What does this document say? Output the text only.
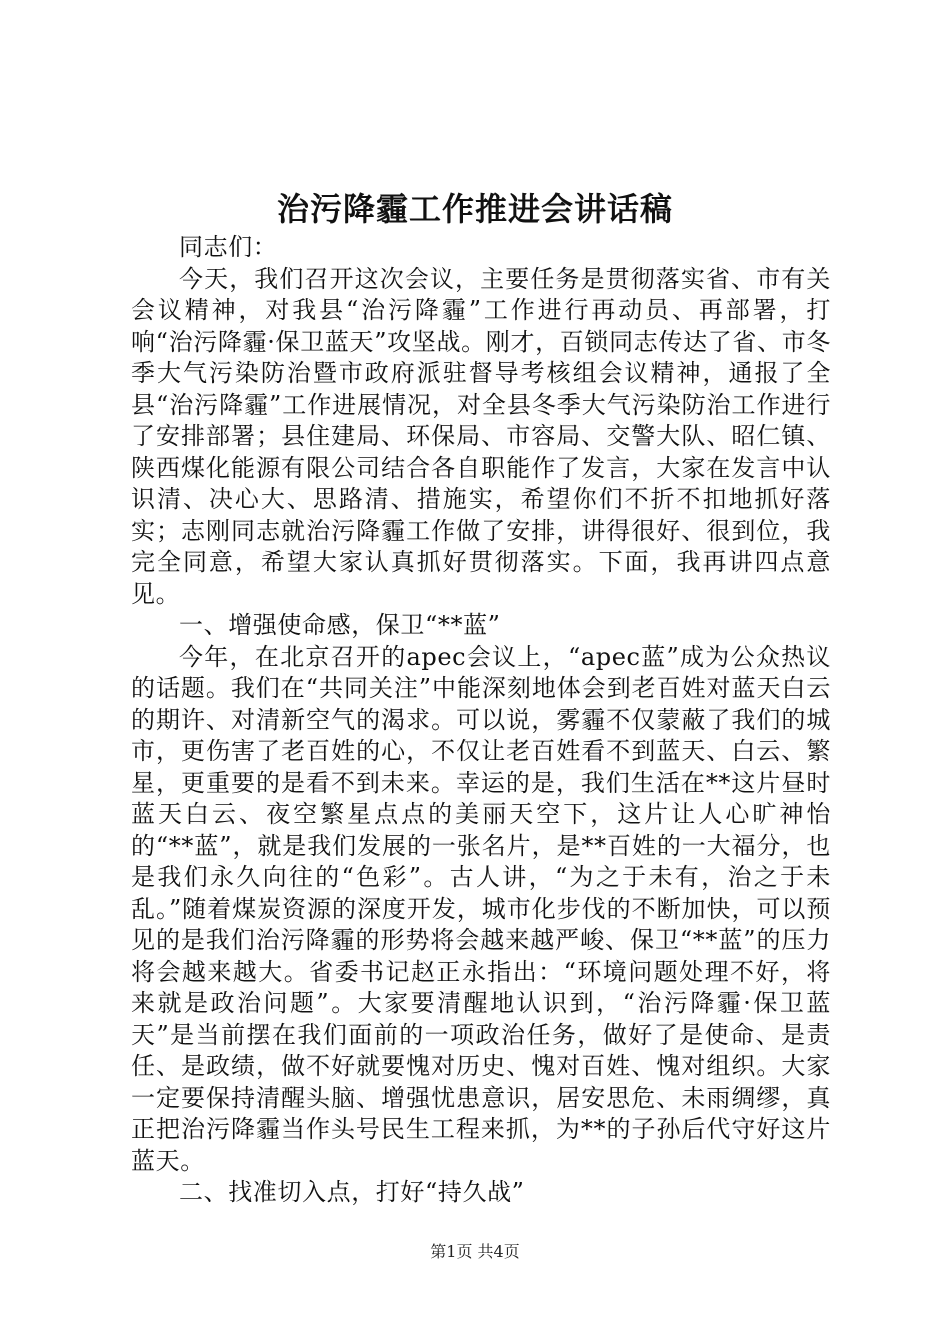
治污降霾工作推进会讲话稿

同志们：

今天，我们召开这次会议，主要任务是贯彻落实省、市有关会议精神，对我县“治污降霾”工作进行再动员、再部署，打响“治污降霾·保卫蓝天”攻坚战。刚才，百锁同志传达了省、市冬季大气污染防治暨市政府派驻督导考核组会议精神，通报了全县“治污降霾”工作进展情况，对全县冬季大气污染防治工作进行了安排部署；县住建局、环保局、市容局、交警大队、昭仁镇、陕西煤化能源有限公司结合各自职能作了发言，大家在发言中认识清、决心大、思路清、措施实，希望你们不折不扣地抓好落实；志刚同志就治污降霾工作做了安排，讲得很好、很到位，我完全同意，希望大家认真抓好贯彻落实。下面，我再讲四点意见。

一、增强使命感，保卫“**蓝”

今年，在北京召开的apec会议上，“apec蓝”成为公众热议的话题。我们在“共同关注”中能深刻地体会到老百姓对蓝天白云的期许、对清新空气的渴求。可以说，雾霾不仅蒙蔽了我们的城市，更伤害了老百姓的心，不仅让老百姓看不到蓝天、白云、繁星，更重要的是看不到未来。幸运的是，我们生活在**这片昼时蓝天白云、夜空繁星点点的美丽天空下，这片让人心旷神怡的“**蓝”，就是我们发展的一张名片，是**百姓的一大福分，也是我们永久向往的“色彩”。古人讲，“为之于未有，治之于未乱。”随着煤炭资源的深度开发，城市化步伐的不断加快，可以预见的是我们治污降霾的形势将会越来越严峻、保卫“**蓝”的压力将会越来越大。省委书记赵正永指出：“环境问题处理不好，将来就是政治问题”。大家要清醒地认识到，“治污降霾·保卫蓝天”是当前摆在我们面前的一项政治任务，做好了是使命、是责任、是政绩，做不好就要愧对历史、愧对百姓、愧对组织。大家一定要保持清醒头脑、增强忧患意识，居安思危、未雨绸缪，真正把治污降霾当作头号民生工程来抓，为**的子孙后代守好这片蓝天。

二、找准切入点，打好“持久战”

第1页 共4页
